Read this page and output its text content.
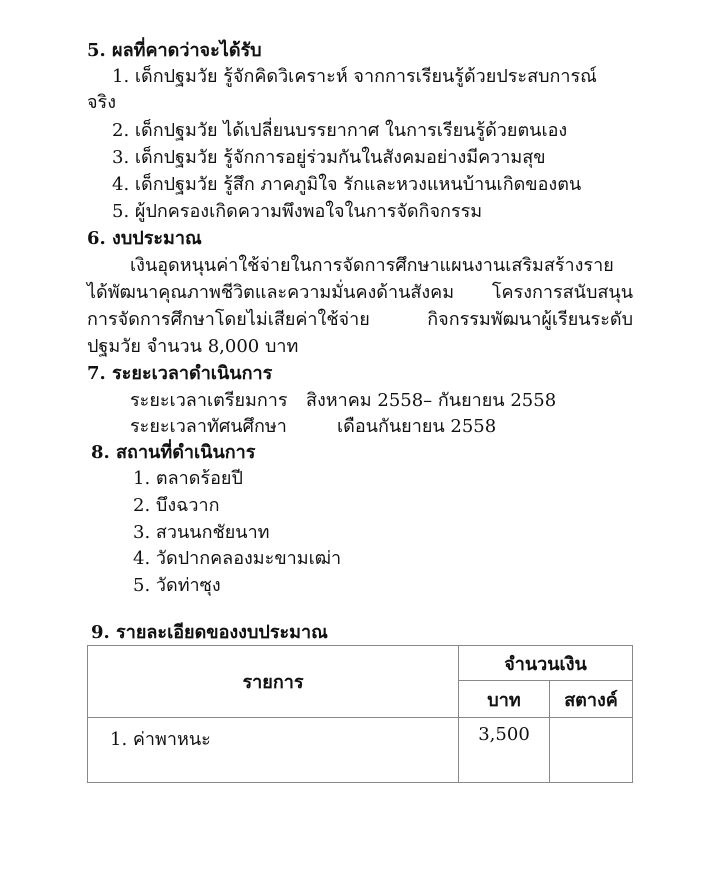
5. ผลที่คาดว่าจะได้รับ
1. เด็กปฐมวัย รู้จักคิดวิเคราะห์ จากการเรียนรู้ด้วยประสบการณ์
จริง
2. เด็กปฐมวัย ได้เปลี่ยนบรรยากาศ ในการเรียนรู้ด้วยตนเอง
3. เด็กปฐมวัย รู้จักการอยู่ร่วมกันในสังคมอย่างมีความสุข
4. เด็กปฐมวัย รู้สึก ภาคภูมิใจ รักและหวงแหนบ้านเกิดของตน
5. ผู้ปกครองเกิดความพึงพอใจในการจัดกิจกรรม
6. งบประมาณ
เงินอุดหนุนค่าใช้จ่ายในการจัดการศึกษาแผนงานเสริมสร้างราย
ได้พัฒนาคุณภาพชีวิตและความมั่นคงด้านสังคม โครงการสนับสนุน
การจัดการศึกษาโดยไม่เสียค่าใช้จ่าย กิจกรรมพัฒนาผู้เรียนระดับ
ปฐมวัย จำนวน 8,000 บาท
7. ระยะเวลาดำเนินการ
ระยะเวลาเตรียมการ สิงหาคม 2558– กันยายน 2558
ระยะเวลาทัศนศึกษา	เดือนกันยายน 2558
8. สถานที่ดำเนินการ
1. ตลาดร้อยปี
2. บึงฉวาก
3. สวนนกชัยนาท
4. วัดปากคลองมะขามเฒ่า
5. วัดท่าซุง
9. รายละเอียดของงบประมาณ
รายการ	จำนวนเงิน	
	บาท	สตางค์
1. ค่าพาหนะ	3,500	
